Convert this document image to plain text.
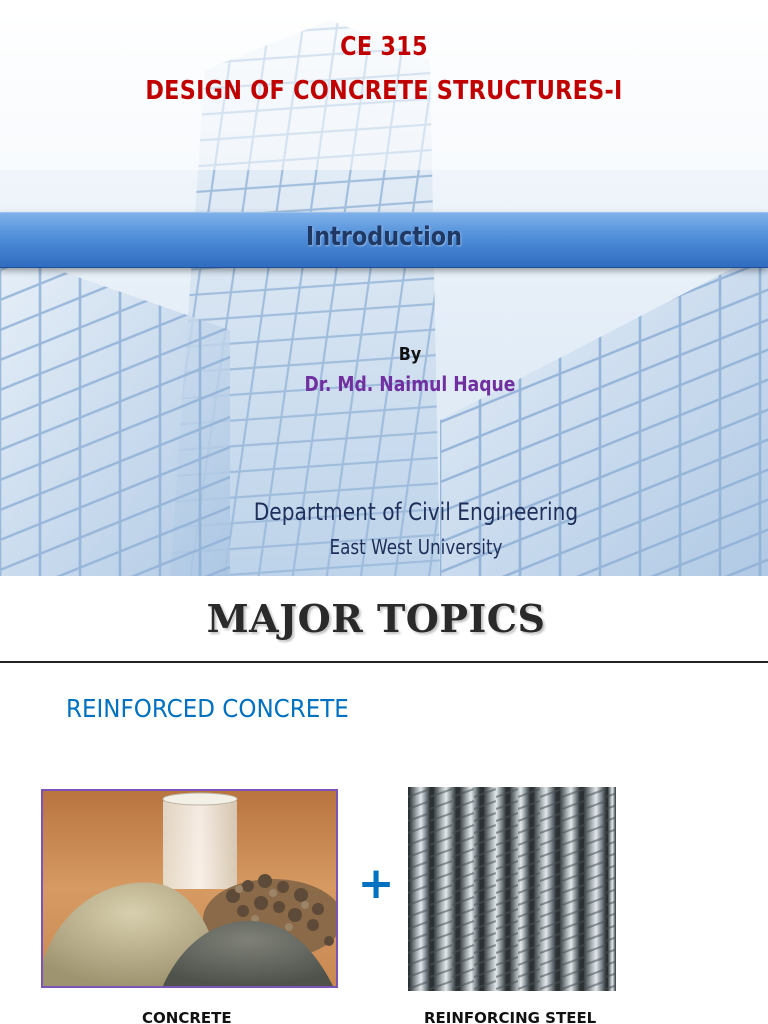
CE 315
DESIGN OF CONCRETE STRUCTURES-I
Introduction
By
Dr. Md. Naimul Haque
Department of Civil Engineering
East West University
MAJOR TOPICS
REINFORCED CONCRETE
+
CONCRETE	REINFORCING STEEL
